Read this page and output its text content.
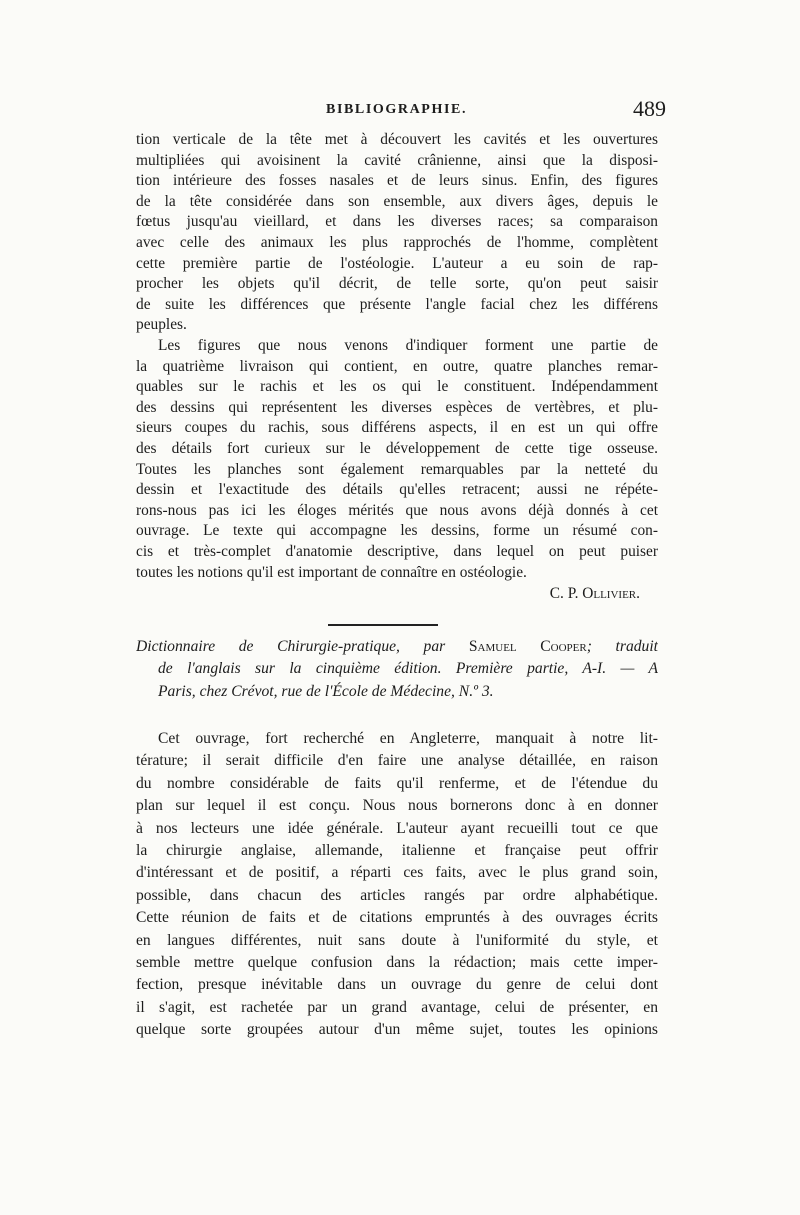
BIBLIOGRAPHIE.	489
tion verticale de la tête met à découvert les cavités et les ouvertures
multipliées qui avoisinent la cavité crânienne, ainsi que la disposi-
tion intérieure des fosses nasales et de leurs sinus. Enfin, des figures
de la tête considérée dans son ensemble, aux divers âges, depuis le
fœtus jusqu'au vieillard, et dans les diverses races; sa comparaison
avec celle des animaux les plus rapprochés de l'homme, complètent
cette première partie de l'ostéologie. L'auteur a eu soin de rap-
procher les objets qu'il décrit, de telle sorte, qu'on peut saisir
de suite les différences que présente l'angle facial chez les différens
peuples.
Les figures que nous venons d'indiquer forment une partie de
la quatrième livraison qui contient, en outre, quatre planches remar-
quables sur le rachis et les os qui le constituent. Indépendamment
des dessins qui représentent les diverses espèces de vertèbres, et plu-
sieurs coupes du rachis, sous différens aspects, il en est un qui offre
des détails fort curieux sur le développement de cette tige osseuse.
Toutes les planches sont également remarquables par la netteté du
dessin et l'exactitude des détails qu'elles retracent; aussi ne répéte-
rons-nous pas ici les éloges mérités que nous avons déjà donnés à cet
ouvrage. Le texte qui accompagne les dessins, forme un résumé con-
cis et très-complet d'anatomie descriptive, dans lequel on peut puiser
toutes les notions qu'il est important de connaître en ostéologie.
C. P. Ollivier.
Dictionnaire de Chirurgie-pratique, par Samuel Cooper; traduit
de l'anglais sur la cinquième édition. Première partie, A-I. — A
Paris, chez Crévot, rue de l'École de Médecine, N.º 3.
Cet ouvrage, fort recherché en Angleterre, manquait à notre lit-
térature; il serait difficile d'en faire une analyse détaillée, en raison
du nombre considérable de faits qu'il renferme, et de l'étendue du
plan sur lequel il est conçu. Nous nous bornerons donc à en donner
à nos lecteurs une idée générale. L'auteur ayant recueilli tout ce que
la chirurgie anglaise, allemande, italienne et française peut offrir
d'intéressant et de positif, a réparti ces faits, avec le plus grand soin,
possible, dans chacun des articles rangés par ordre alphabétique.
Cette réunion de faits et de citations empruntés à des ouvrages écrits
en langues différentes, nuit sans doute à l'uniformité du style, et
semble mettre quelque confusion dans la rédaction; mais cette imper-
fection, presque inévitable dans un ouvrage du genre de celui dont
il s'agit, est rachetée par un grand avantage, celui de présenter, en
quelque sorte groupées autour d'un même sujet, toutes les opinions
